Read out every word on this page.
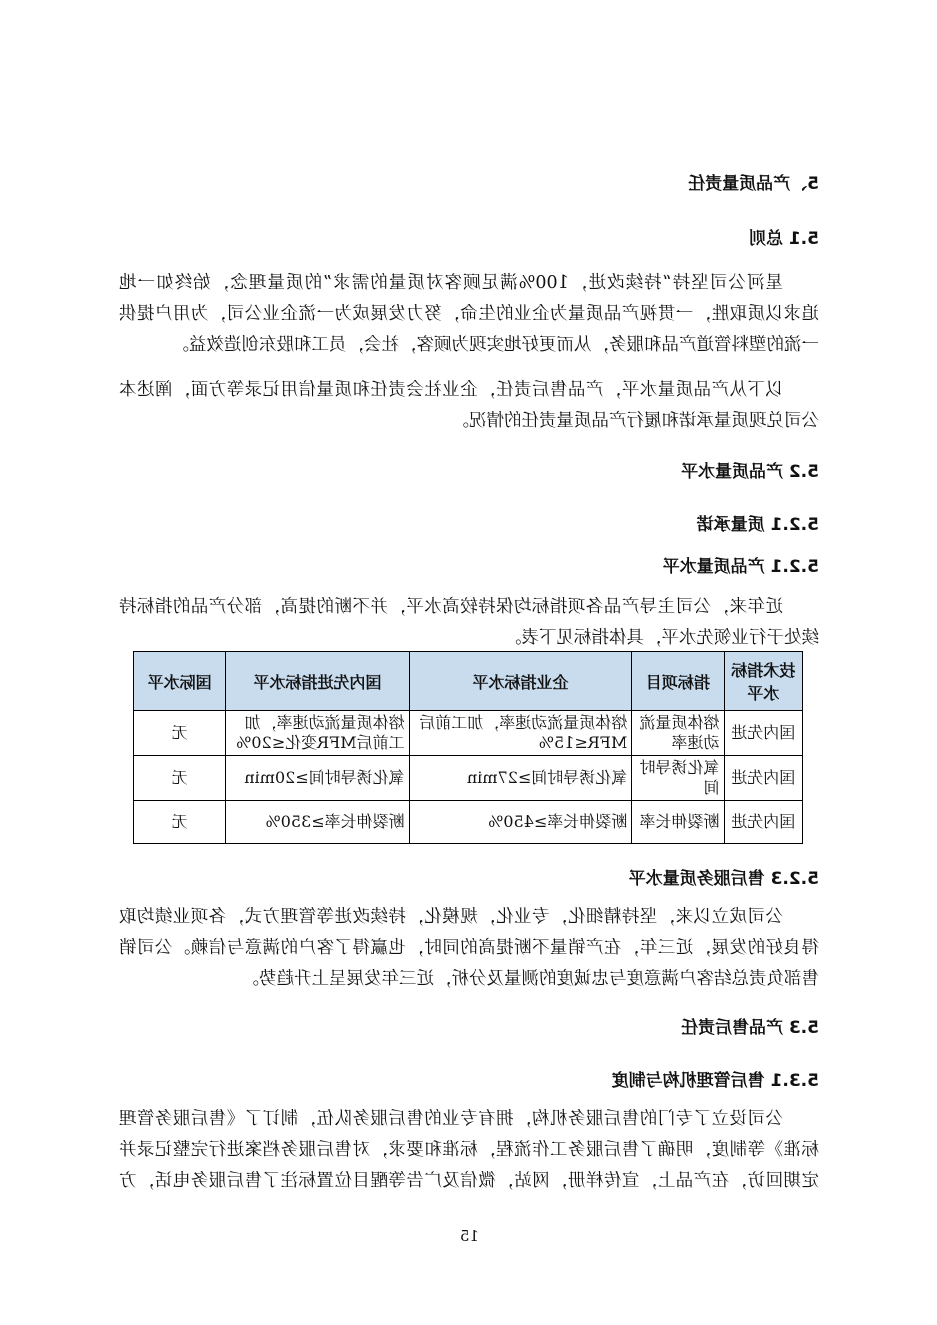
5、产品质量责任
5.1 总则
星河公司坚持“持续改进，100%满足顾客对质量的需求”的质量理念，始终如一地
追求以质取胜，一贯视产品质量为企业的生命，努力发展成为一流企业公司，为用户提供
一流的塑料管道产品和服务，从而更好地实现为顾客，社会，员工和股东创造效益。
以下从产品质量水平，产品售后责任，企业社会责任和质量信用记录等方面，阐述本
公司兑现质量承诺和履行产品质量责任的情况。
5.2 产品质量水平
5.2.1 质量承诺
5.2.1 产品质量水平
近年来，公司主导产品各项指标均保持较高水平，并不断的提高，部分产品的指标持
续处于行业领先水平，具体指标见下表。
技术指标水平	指标项目	企业指标水平	国内先进指标水平	国际水平
国内先进	熔体质量流动速率	熔体质量流动速率，加工前后MFR≤15%	熔体质量流动速率，加工前后MFR变化≤20%	无
国内先进	氧化诱导时间	氧化诱导时间≥27min	氧化诱导时间≥20min	无
国内先进	断裂伸长率	断裂伸长率≥450%	断裂伸长率≥350%	无
5.2.3 售后服务质量水平
公司成立以来，坚持精细化，专业化，规模化，持续改进等管理方式，各项业绩均取
得良好的发展，近三年，在产销量不断提高的同时，也赢得了客户的满意与信赖。公司销
售部负责总结客户满意度与忠诚度的测量及分析，近三年发展呈上升趋势。
5.3 产品售后责任
5.3.1 售后管理机构与制度
公司设立了专门的售后服务机构，拥有专业的售后服务队伍，制订了《售后服务管理
标准》等制度，明确了售后服务工作流程，标准和要求，对售后服务档案进行完整记录并
定期回访，在产品上，宣传样册，网站，微信及广告等醒目位置标注了售后服务电话，方
15
